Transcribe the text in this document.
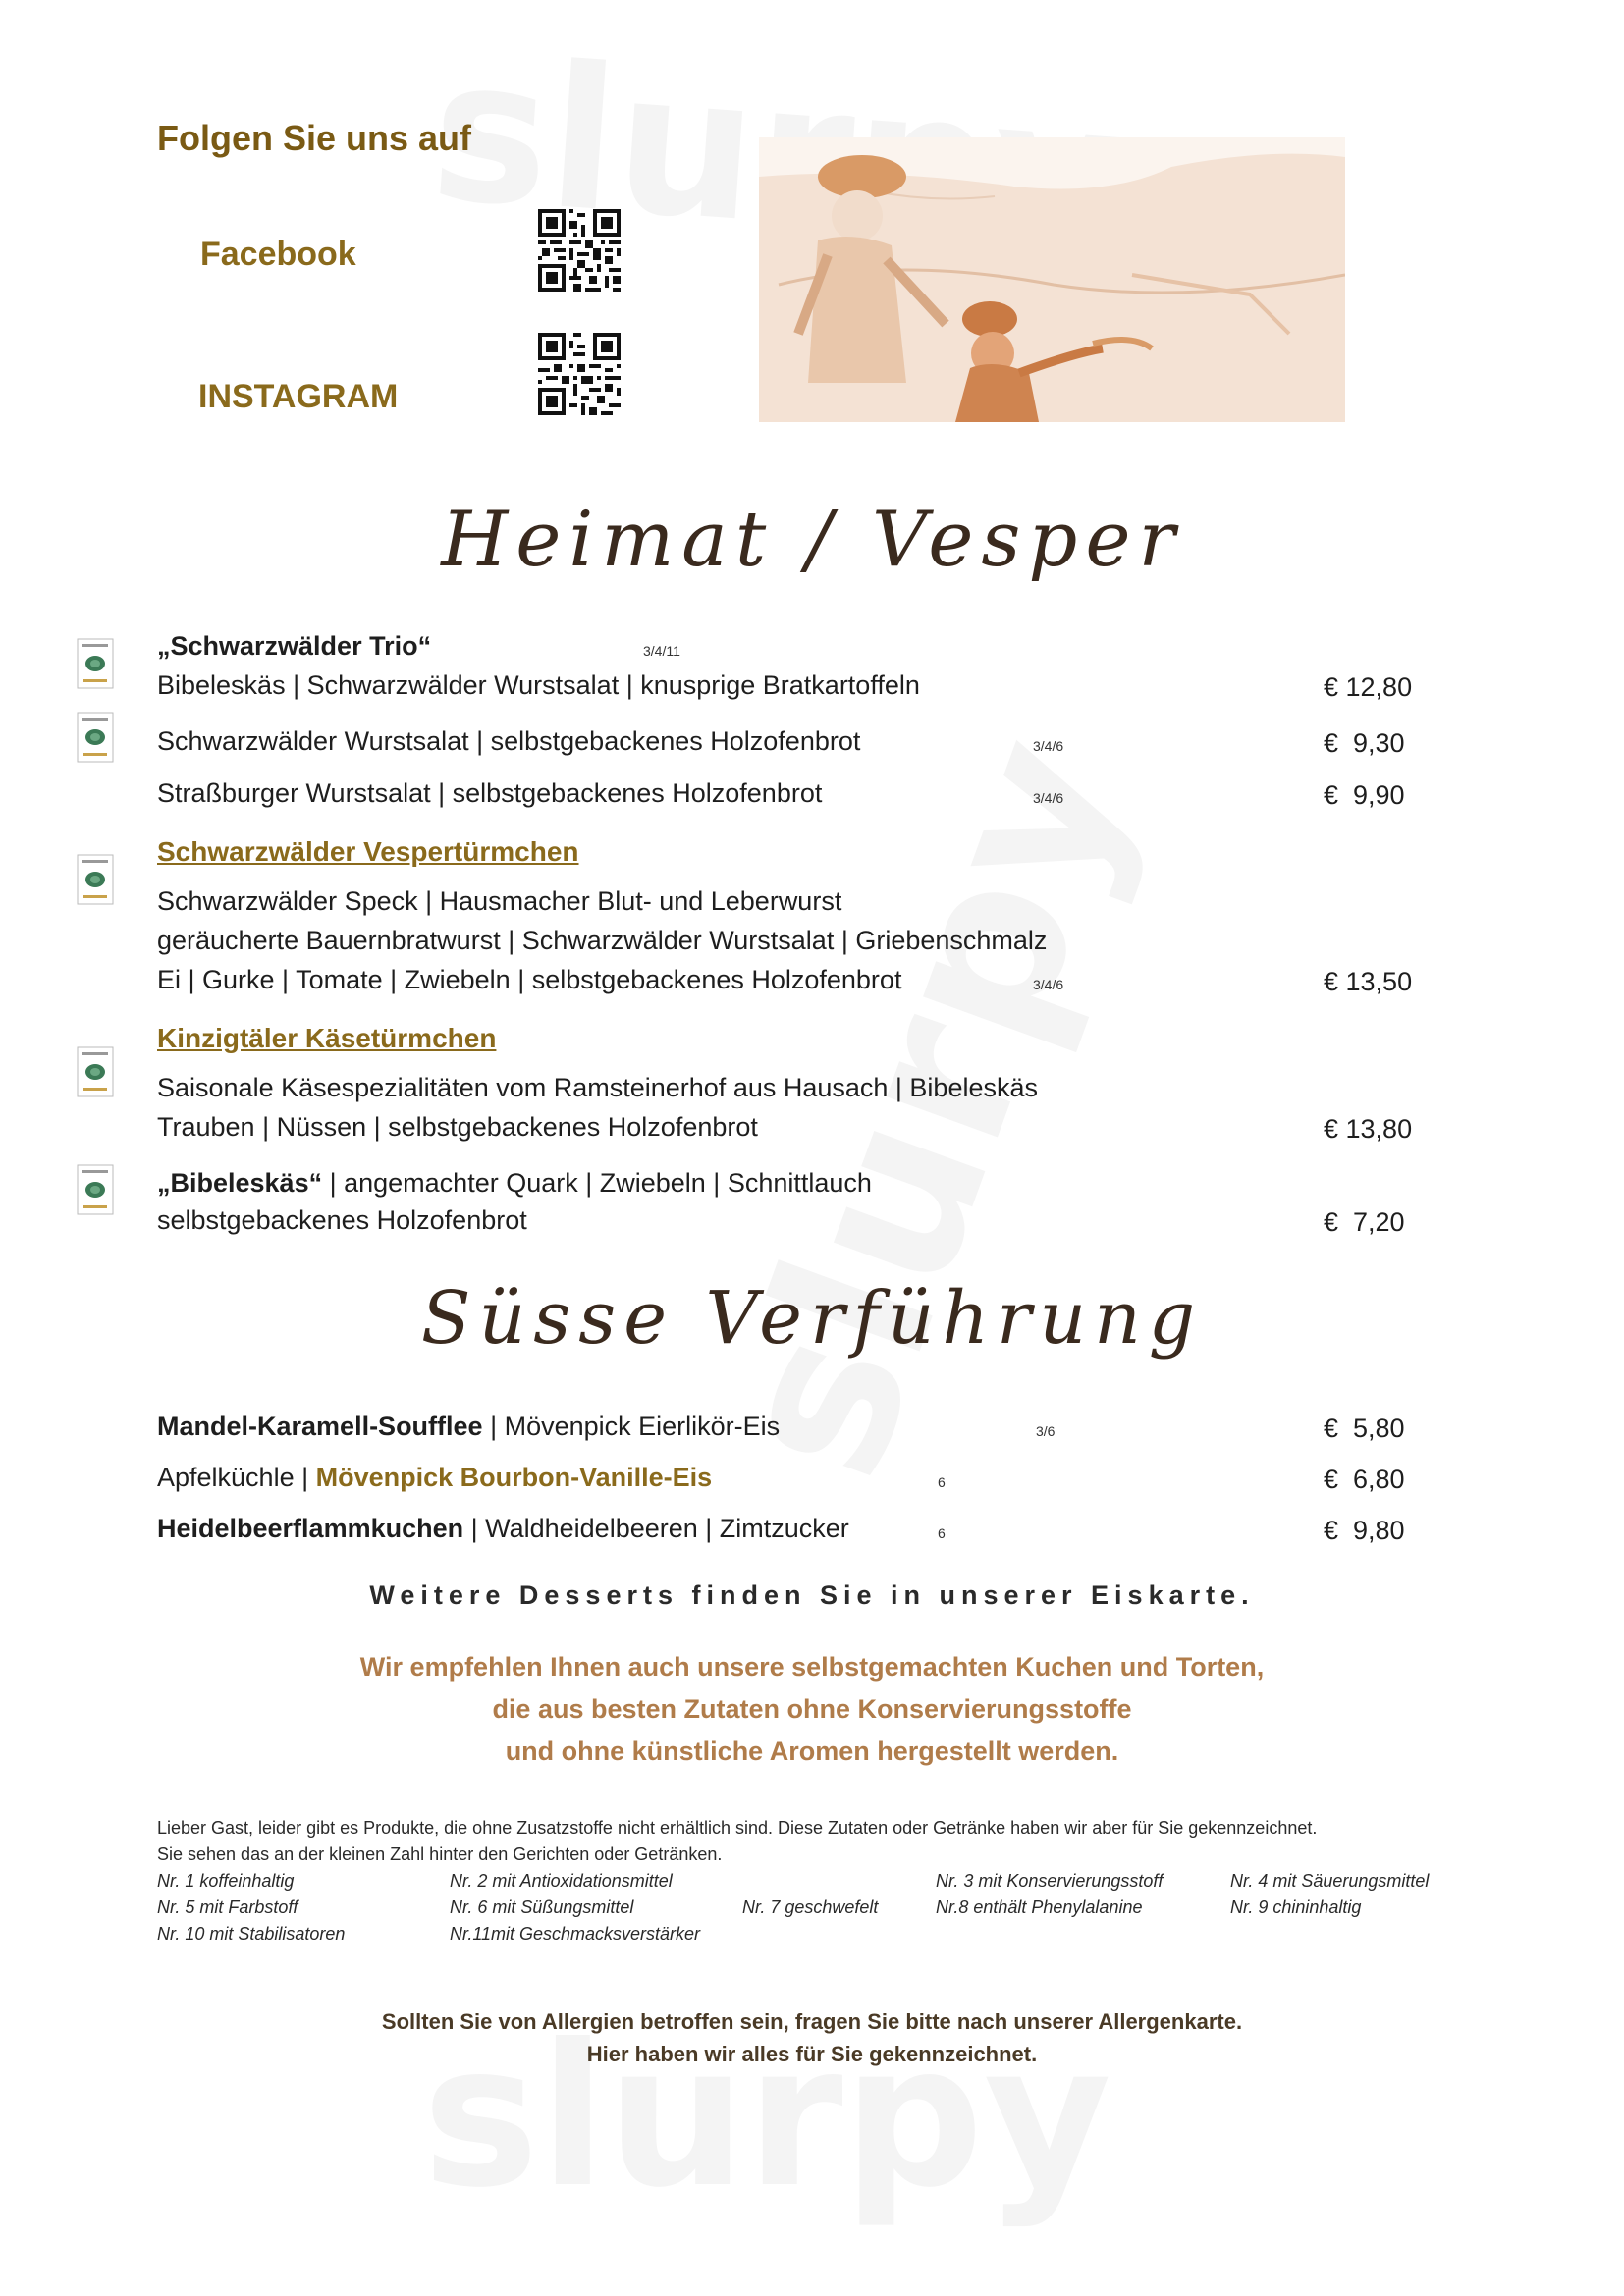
Folgen Sie uns auf
Facebook
INSTAGRAM
Heimat / Vesper
„Schwarzwälder Trio“	3/4/11
Bibeleskäs | Schwarzwälder Wurstsalat | knusprige Bratkartoffeln	€ 12,80
Schwarzwälder Wurstsalat | selbstgebackenes Holzofenbrot	3/4/6	€  9,30
Straßburger Wurstsalat | selbstgebackenes Holzofenbrot	3/4/6	€  9,90
Schwarzwälder Vespertürmchen
Schwarzwälder Speck | Hausmacher Blut- und Leberwurst
geräucherte Bauernbratwurst | Schwarzwälder Wurstsalat | Griebenschmalz
Ei | Gurke | Tomate | Zwiebeln | selbstgebackenes Holzofenbrot	3/4/6	€ 13,50
Kinzigtäler Käsetürmchen
Saisonale Käsespezialitäten vom Ramsteinerhof aus Hausach | Bibeleskäs
Trauben | Nüssen | selbstgebackenes Holzofenbrot	€ 13,80
„Bibeleskäs“ | angemachter Quark | Zwiebeln | Schnittlauch
selbstgebackenes Holzofenbrot	€  7,20
Süsse Verführung
Mandel-Karamell-Soufflee | Mövenpick Eierlikör-Eis	3/6	€  5,80
Apfelküchle | Mövenpick Bourbon-Vanille-Eis	6	€  6,80
Heidelbeerflammkuchen | Waldheidelbeeren | Zimtzucker	6	€  9,80
Weitere Desserts finden Sie in unserer Eiskarte.
Wir empfehlen Ihnen auch unsere selbstgemachten Kuchen und Torten,
die aus besten Zutaten ohne Konservierungsstoffe
und ohne künstliche Aromen hergestellt werden.
Lieber Gast, leider gibt es Produkte, die ohne Zusatzstoffe nicht erhältlich sind. Diese Zutaten oder Getränke haben wir aber für Sie gekennzeichnet.
Sie sehen das an der kleinen Zahl hinter den Gerichten oder Getränken.
Nr. 1 koffeinhaltig	Nr. 2 mit Antioxidationsmittel	Nr. 3 mit Konservierungsstoff	Nr. 4 mit Säuerungsmittel
Nr. 5 mit Farbstoff	Nr. 6 mit Süßungsmittel	Nr. 7 geschwefelt	Nr.8 enthält Phenylalanine	Nr. 9 chininhaltig
Nr. 10 mit Stabilisatoren	Nr.11mit Geschmacksverstärker
Sollten Sie von Allergien betroffen sein, fragen Sie bitte nach unserer Allergenkarte.
Hier haben wir alles für Sie gekennzeichnet.
